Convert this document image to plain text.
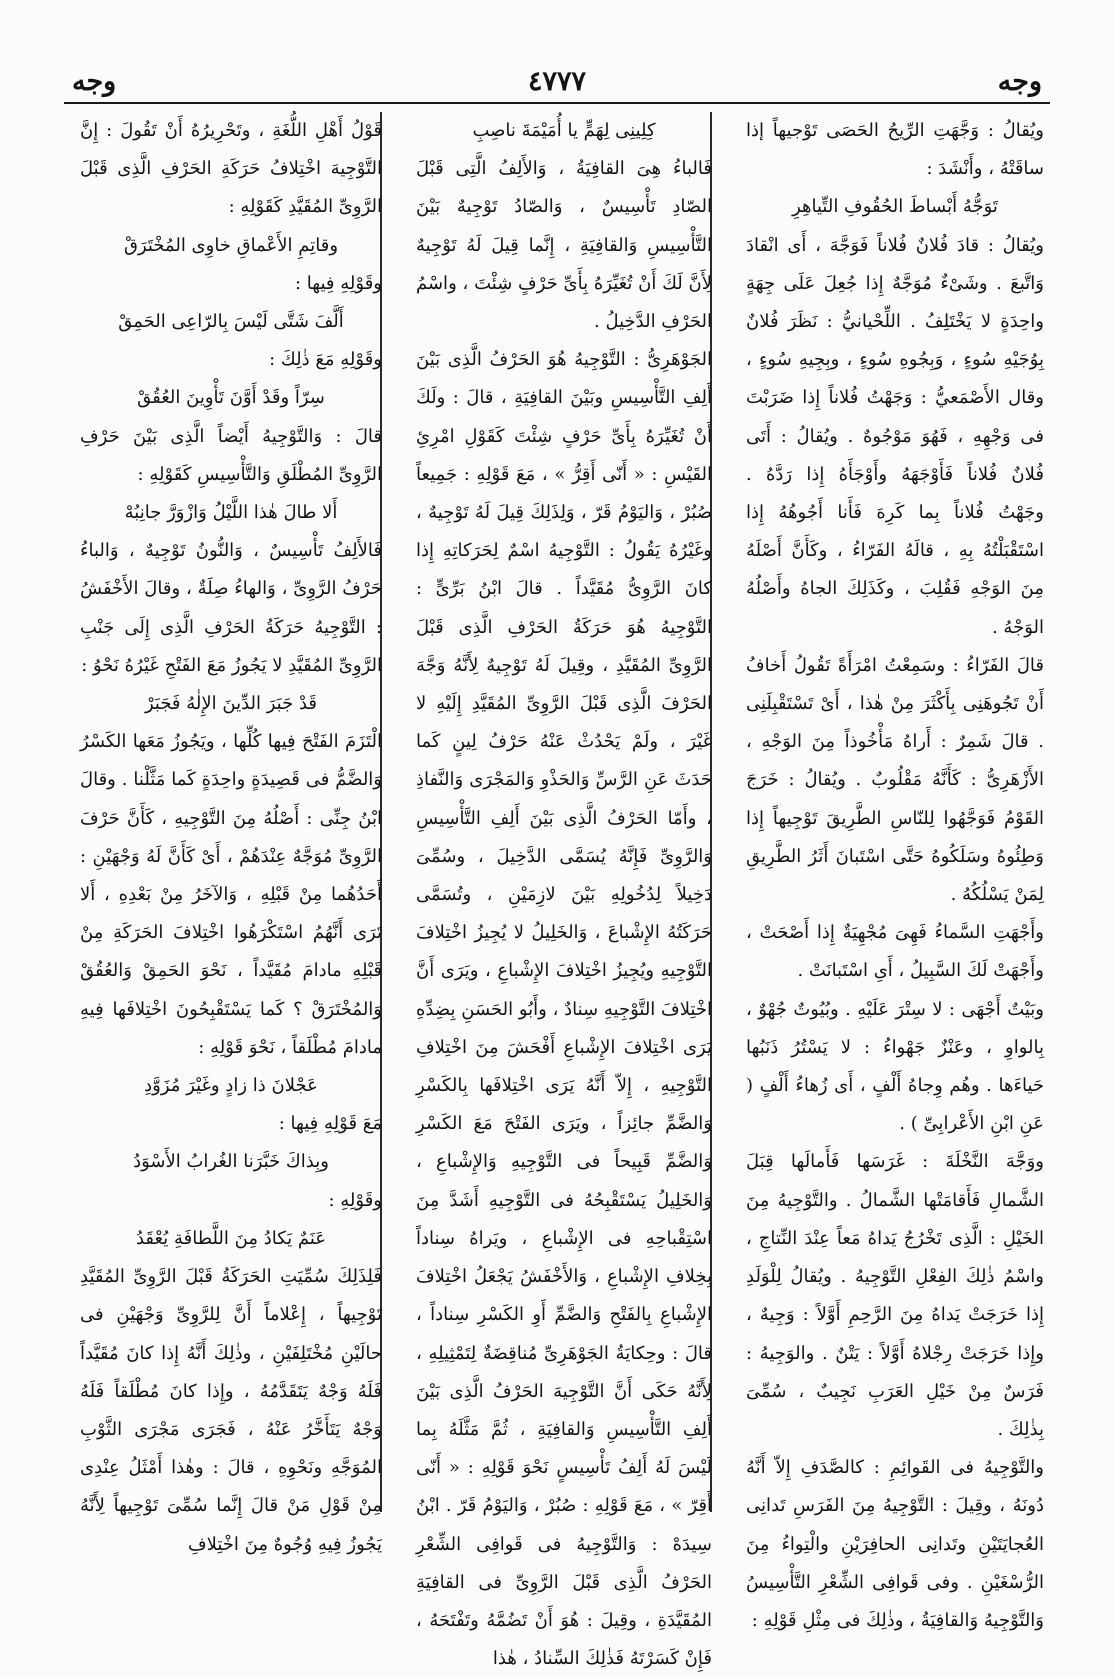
وجه
٤٧٧٧
وجه

ويُقالُ : وَجَّهَتِ الرِّيحُ الحَصَى تَوْجيهاً إذا ساقَتْهُ ، وأَنْشَدَ :

تَوَجُّهُ أَبْساطَ الحُقُوفِ التِّياهِرِ

ويُقالُ : قادَ فُلانٌ فُلاناً فَوَجَّهَ ، أَى انْقادَ وَاتَّبعَ . وشَىْءٌ مُوَجَّهٌ إِذا جُعِلَ عَلَى جِهَةٍ واحِدَةٍ لا يَخْتَلِفُ . اللِّحْيانيُّ : نَظَرَ فُلانٌ بِوُجَيْهِ سُوءٍ ، وَبِجُوهِ سُوءٍ ، وبِجِيهِ سُوءٍ ، وقال الأَصْمَعيُّ : وَجَهْتُ فُلاناً إِذا ضَرَبْتَ فى وَجْهِهِ ، فَهُوَ مَوْجُوهٌ . ويُقالُ : أَتَى فُلانٌ فُلاناً فَأَوْجَهَهُ وأَوْجَأَهُ إِذا رَدَّهُ . وجَهْتُ فُلاناً بِما كَرِهَ فَأَنا أَجُوهُهُ إِذا اسْتَقْبَلْتُهُ بِهِ ، قالَهُ الفَرّاءُ ، وكَأَنَّ أَصْلَهُ مِنَ الوَجْهِ فَقُلِبَ ، وكَذَلِكَ الجاهُ وأَصْلُهُ الوَجْهُ .

قالَ الفَرّاءُ : وسَمِعْتُ امْرَأَةً تَقُولُ أَخافُ أَنْ تَجُوهَنِى بِأَكْثَرَ مِنْ هٰذا ، أَىْ تَسْتَقْبِلَنِى . قالَ شَمِرٌ : أَراهُ مَأْخُوذاً مِنَ الوَجْهِ ، الأَزْهَرِىُّ : كَأَنَّهُ مَقْلُوبٌ . ويُقالُ : خَرَجَ القَوْمُ فَوَجَّهُوا لِلنّاسِ الطَّرِيقَ تَوْجِيهاً إِذا وَطِئُوهُ وسَلَكُوهُ حَتَّى اسْتَبانَ أَثَرُ الطَّرِيقِ لِمَنْ يَسْلُكُهُ .

وأَجْهَتِ السَّماءُ فَهِىَ مُجْهِيَةٌ إِذا أَصْحَتْ ، وأَجْهَتْ لَكَ السَّبِيلُ ، أَىِ اسْتَبانَتْ .

وبَيْتٌ أَجْهَى : لا سِتْرَ عَلَيْهِ . وبُيُوتٌ جُهْوٌ ، بِالواوِ ، وعَنْزٌ جَهْواءُ : لا يَسْتُرُ ذَنَبُها حَياءَها . وهُم وِجاهُ أَلْفٍ ، أَى زُهاءُ أَلْفٍ ( عَنِ ابْنِ الأَعْرابِىِّ ) .

ووَجَّهَ النَّخْلَةَ : غَرَسَها فَأَمالَها قِبَلَ الشَّمالِ فَأَقامَتْها الشَّمالُ . والتَّوْجِيهُ مِنَ الخَيْلِ : الَّذِى تَخْرُجُ يَداهُ مَعاً عِنْدَ النِّتاجِ ، واسْمُ ذٰلِكَ الفِعْلِ التَّوْجِيهُ . ويُقالُ لِلْوَلَدِ إِذا خَرَجَتْ يَداهُ مِنَ الرَّحِمِ أَوَّلاً : وَجِيهٌ ، وإِذا خَرَجَتْ رِجْلاهُ أَوَّلاً : يَتْنٌ . والوَجِيهُ : فَرَسٌ مِنْ خَيْلِ العَرَبِ نَجِيبٌ ، سُمِّىَ بِذٰلِكَ .

والتَّوْجِيهُ فى القَوائِمِ : كالصَّدَفِ إِلاّ أَنَّهُ دُونَهُ ، وقِيلَ : التَّوْجِيهُ مِنَ الفَرَسِ تَدانِى العُجايَتَيْنِ وتَدانِى الحافِرَيْنِ والْتِواءُ مِنَ الرُّسْغَيْنِ . وفى قَوافِى الشِّعْرِ التَّأْسِيسُ وَالتَّوْجِيهُ وَالقافِيَةُ ، وذٰلِكَ فى مِثْلِ قَوْلِهِ :

كِلِينِى لِهَمٍّ يا أُمَيْمَةَ ناصِبِ

فَالباءُ هِىَ القافِيَةُ ، وَالأَلِفُ الَّتِى قَبْلَ الصّادِ تَأْسِيسٌ ، وَالصّادُ تَوْجِيهٌ بَيْنَ التَّأْسِيسِ وَالقافِيَةِ ، إِنَّما قِيلَ لَهُ تَوْجِيهٌ لِأَنَّ لَكَ أَنْ تُغَيِّرَهُ بِأَىِّ حَرْفٍ شِئْتَ ، واسْمُ الحَرْفِ الدَّخِيلُ .

الجَوْهَرِىُّ : التَّوْجِيهُ هُوَ الحَرْفُ الَّذِى بَيْنَ أَلِفِ التَّأْسِيسِ وبَيْنَ القافِيَةِ ، قالَ : ولَكَ أَنْ تُغَيِّرَهُ بِأَىِّ حَرْفٍ شِئْتَ كَقَوْلِ امْرِئِ القَيْسِ : « أَنّى أَقِرُّ » ، مَعَ قَوْلِهِ : جَمِيعاً صُبُرْ ، وَاليَوْمُ قَرّ ، وَلِذَلِكَ قِيلَ لَهُ تَوْجِيهٌ ، وغَيْرُهُ يَقُولُ : التَّوْجِيهُ اسْمٌ لِحَرَكاتِهِ إِذا كانَ الرَّوِىُّ مُقَيَّداً . قالَ ابْنُ بَرِّىٍّ : التَّوْجِيهُ هُوَ حَرَكَةُ الحَرْفِ الَّذِى قَبْلَ الرَّوِىِّ المُقَيَّدِ ، وقِيلَ لَهُ تَوْجِيهٌ لِأَنَّهُ وَجَّهَ الحَرْفَ الَّذِى قَبْلَ الرَّوِىِّ المُقَيَّدِ إِلَيْهِ لا غَيْرَ ، ولَمْ يَحْدُثْ عَنْهُ حَرْفُ لِينٍ كَما حَدَثَ عَنِ الرَّسِّ وَالحَذْوِ وَالمَجْرَى وَالنَّفاذِ ، وأَمّا الحَرْفُ الَّذِى بَيْنَ أَلِفِ التَّأْسِيسِ وَالرَّوِىِّ فَإِنَّهُ يُسَمَّى الدَّخِيلَ ، وسُمِّىَ دَخِيلاً لِدُخُولِهِ بَيْنَ لازِمَيْنِ ، وتُسَمَّى حَرَكَتُهُ الإِشْباعَ ، وَالخَلِيلُ لا يُجِيزُ اخْتِلافَ التَّوْجِيهِ ويُجِيزُ اخْتِلافَ الإِشْباعِ ، ويَرَى أَنَّ اخْتِلافَ التَّوْجِيهِ سِنادٌ ، وأَبُو الحَسَنِ بِضِدِّهِ يَرَى اخْتِلافَ الإِشْباعِ أَفْحَشَ مِنَ اخْتِلافِ التَّوْجِيهِ ، إِلاّ أَنَّهُ يَرَى اخْتِلافَها بِالكَسْرِ وَالضَّمِّ جائِزاً ، ويَرَى الفَتْحَ مَعَ الكَسْرِ وَالضَّمِّ قَبِيحاً فى التَّوْجِيهِ وَالإِشْباعِ ، وَالخَلِيلُ يَسْتَقْبِحُهُ فى التَّوْجِيهِ أَشَدَّ مِنَ اسْتِقْباحِهِ فى الإِشْباعِ ، ويَراهُ سِناداً بِخِلافِ الإِشْباعِ ، وَالأَخْفَشُ يَجْعَلُ اخْتِلافَ الإِشْباعِ بِالفَتْحِ وَالضَّمِّ أَوِ الكَسْرِ سِناداً ، قالَ : وحِكايَةُ الجَوْهَرِىِّ مُناقِضَةٌ لِتَمْثِيلِهِ ، لِأَنَّهُ حَكَى أَنَّ التَّوْجِيهَ الحَرْفُ الَّذِى بَيْنَ أَلِفِ التَّأْسِيسِ وَالقافِيَةِ ، ثُمَّ مَثَّلَهُ بِما لَيْسَ لَهُ أَلِفُ تَأْسِيسٍ نَحْوَ قَوْلِهِ : « أَنّى أَقِرّ » ، مَعَ قَوْلِهِ : صُبُرْ ، وَاليَوْمُ قَرّ . ابْنُ سِيدَهْ : وَالتَّوْجِيهُ فى قَوافِى الشِّعْرِ الحَرْفُ الَّذِى قَبْلَ الرَّوِىِّ فى القافِيَةِ المُقَيَّدَةِ ، وقِيلَ : هُوَ أَنْ تَضُمَّهُ وتَفْتَحَهُ ، فَإِنْ كَسَرْتَهُ فَذٰلِكَ السِّنادُ ، هٰذا

قَوْلُ أَهْلِ اللُّغَةِ ، وتَحْرِيرُهُ أَنْ تَقُولَ : إِنَّ التَّوْجِيهَ اخْتِلافُ حَرَكَةِ الحَرْفِ الَّذِى قَبْلَ الرَّوِىِّ المُقَيَّدِ كَقَوْلِهِ :

وقاتِمِ الأَعْماقِ خاوِى المُخْتَرَقْ

وقَوْلِهِ فِيها :

أَلَّفَ شَتَّى لَيْسَ بِالرّاعِى الحَمِقْ

وقَوْلِهِ مَعَ ذٰلِكَ :

سِرّاً وقَدْ أَوَّنَ تَأْوِينَ العُقُقْ

قالَ : وَالتَّوْجِيهُ أَيْضاً الَّذِى بَيْنَ حَرْفِ الرَّوِىِّ المُطْلَقِ وَالتَّأْسِيسِ كَقَوْلِهِ :

أَلا طالَ هٰذا اللَّيْلُ وَازْوَرَّ جانِبُهْ

فَالأَلِفُ تَأْسِيسٌ ، وَالنُّونُ تَوْجِيهٌ ، وَالباءُ حَرْفُ الرَّوِىِّ ، وَالهاءُ صِلَةٌ ، وقالَ الأَخْفَشُ : التَّوْجِيهُ حَرَكَةُ الحَرْفِ الَّذِى إِلَى جَنْبِ الرَّوِىِّ المُقَيَّدِ لا يَجُوزُ مَعَ الفَتْحِ غَيْرُهُ نَحْوُ :

قَدْ جَبَرَ الدِّينَ الإِلٰهُ فَجَبَرْ

الْتَزَمَ الفَتْحَ فِيها كُلِّها ، ويَجُوزُ مَعَها الكَسْرُ وَالضَّمُّ فى قَصِيدَةٍ واحِدَةٍ كَما مَثَّلْنا . وقالَ ابْنُ جِنِّى : أَصْلُهُ مِنَ التَّوْجِيهِ ، كَأَنَّ حَرْفَ الرَّوِىِّ مُوَجَّهٌ عِنْدَهُمْ ، أَىْ كَأَنَّ لَهُ وَجْهَيْنِ : أَحَدُهُما مِنْ قَبْلِهِ ، وَالآخَرُ مِنْ بَعْدِهِ ، أَلا تَرَى أَنَّهُمُ اسْتَكْرَهُوا اخْتِلافَ الحَرَكَةِ مِنْ قَبْلِهِ مادامَ مُقَيَّداً ، نَحْوَ الحَمِقْ وَالعُقُقْ وَالمُخْتَرَقْ ؟ كَما يَسْتَقْبِحُونَ اخْتِلافَها فِيهِ مادامَ مُطْلَقاً ، نَحْوَ قَوْلِهِ :

عَجْلانَ ذا زادٍ وغَيْرَ مُزَوَّدِ

مَعَ قَوْلِهِ فِيها :

وبِذاكَ خَبَّرَنا الغُرابُ الأَسْوَدُ

وقَوْلِهِ :

عَنَمٌ يَكادُ مِنَ اللَّطافَةِ يُعْقَدُ

فَلِذَلِكَ سُمِّيَتِ الحَرَكَةُ قَبْلَ الرَّوِىِّ المُقَيَّدِ تَوْجِيهاً ، إِعْلاماً أَنَّ لِلرَّوِىِّ وَجْهَيْنِ فى حالَيْنِ مُخْتَلِفَيْنِ ، وذٰلِكَ أَنَّهُ إِذا كانَ مُقَيَّداً فَلَهُ وَجْهٌ يَتَقَدَّمُهُ ، وإِذا كانَ مُطْلَقاً فَلَهُ وَجْهٌ يَتَأَخَّرُ عَنْهُ ، فَجَرَى مَجْرَى الثَّوْبِ المُوَجَّهِ ونَحْوِهِ ، قالَ : وهٰذا أَمْثَلُ عِنْدِى مِنْ قَوْلِ مَنْ قالَ إِنَّما سُمِّىَ تَوْجِيهاً لِأَنَّهُ يَجُوزُ فِيهِ وُجُوهٌ مِنَ اخْتِلافِ
